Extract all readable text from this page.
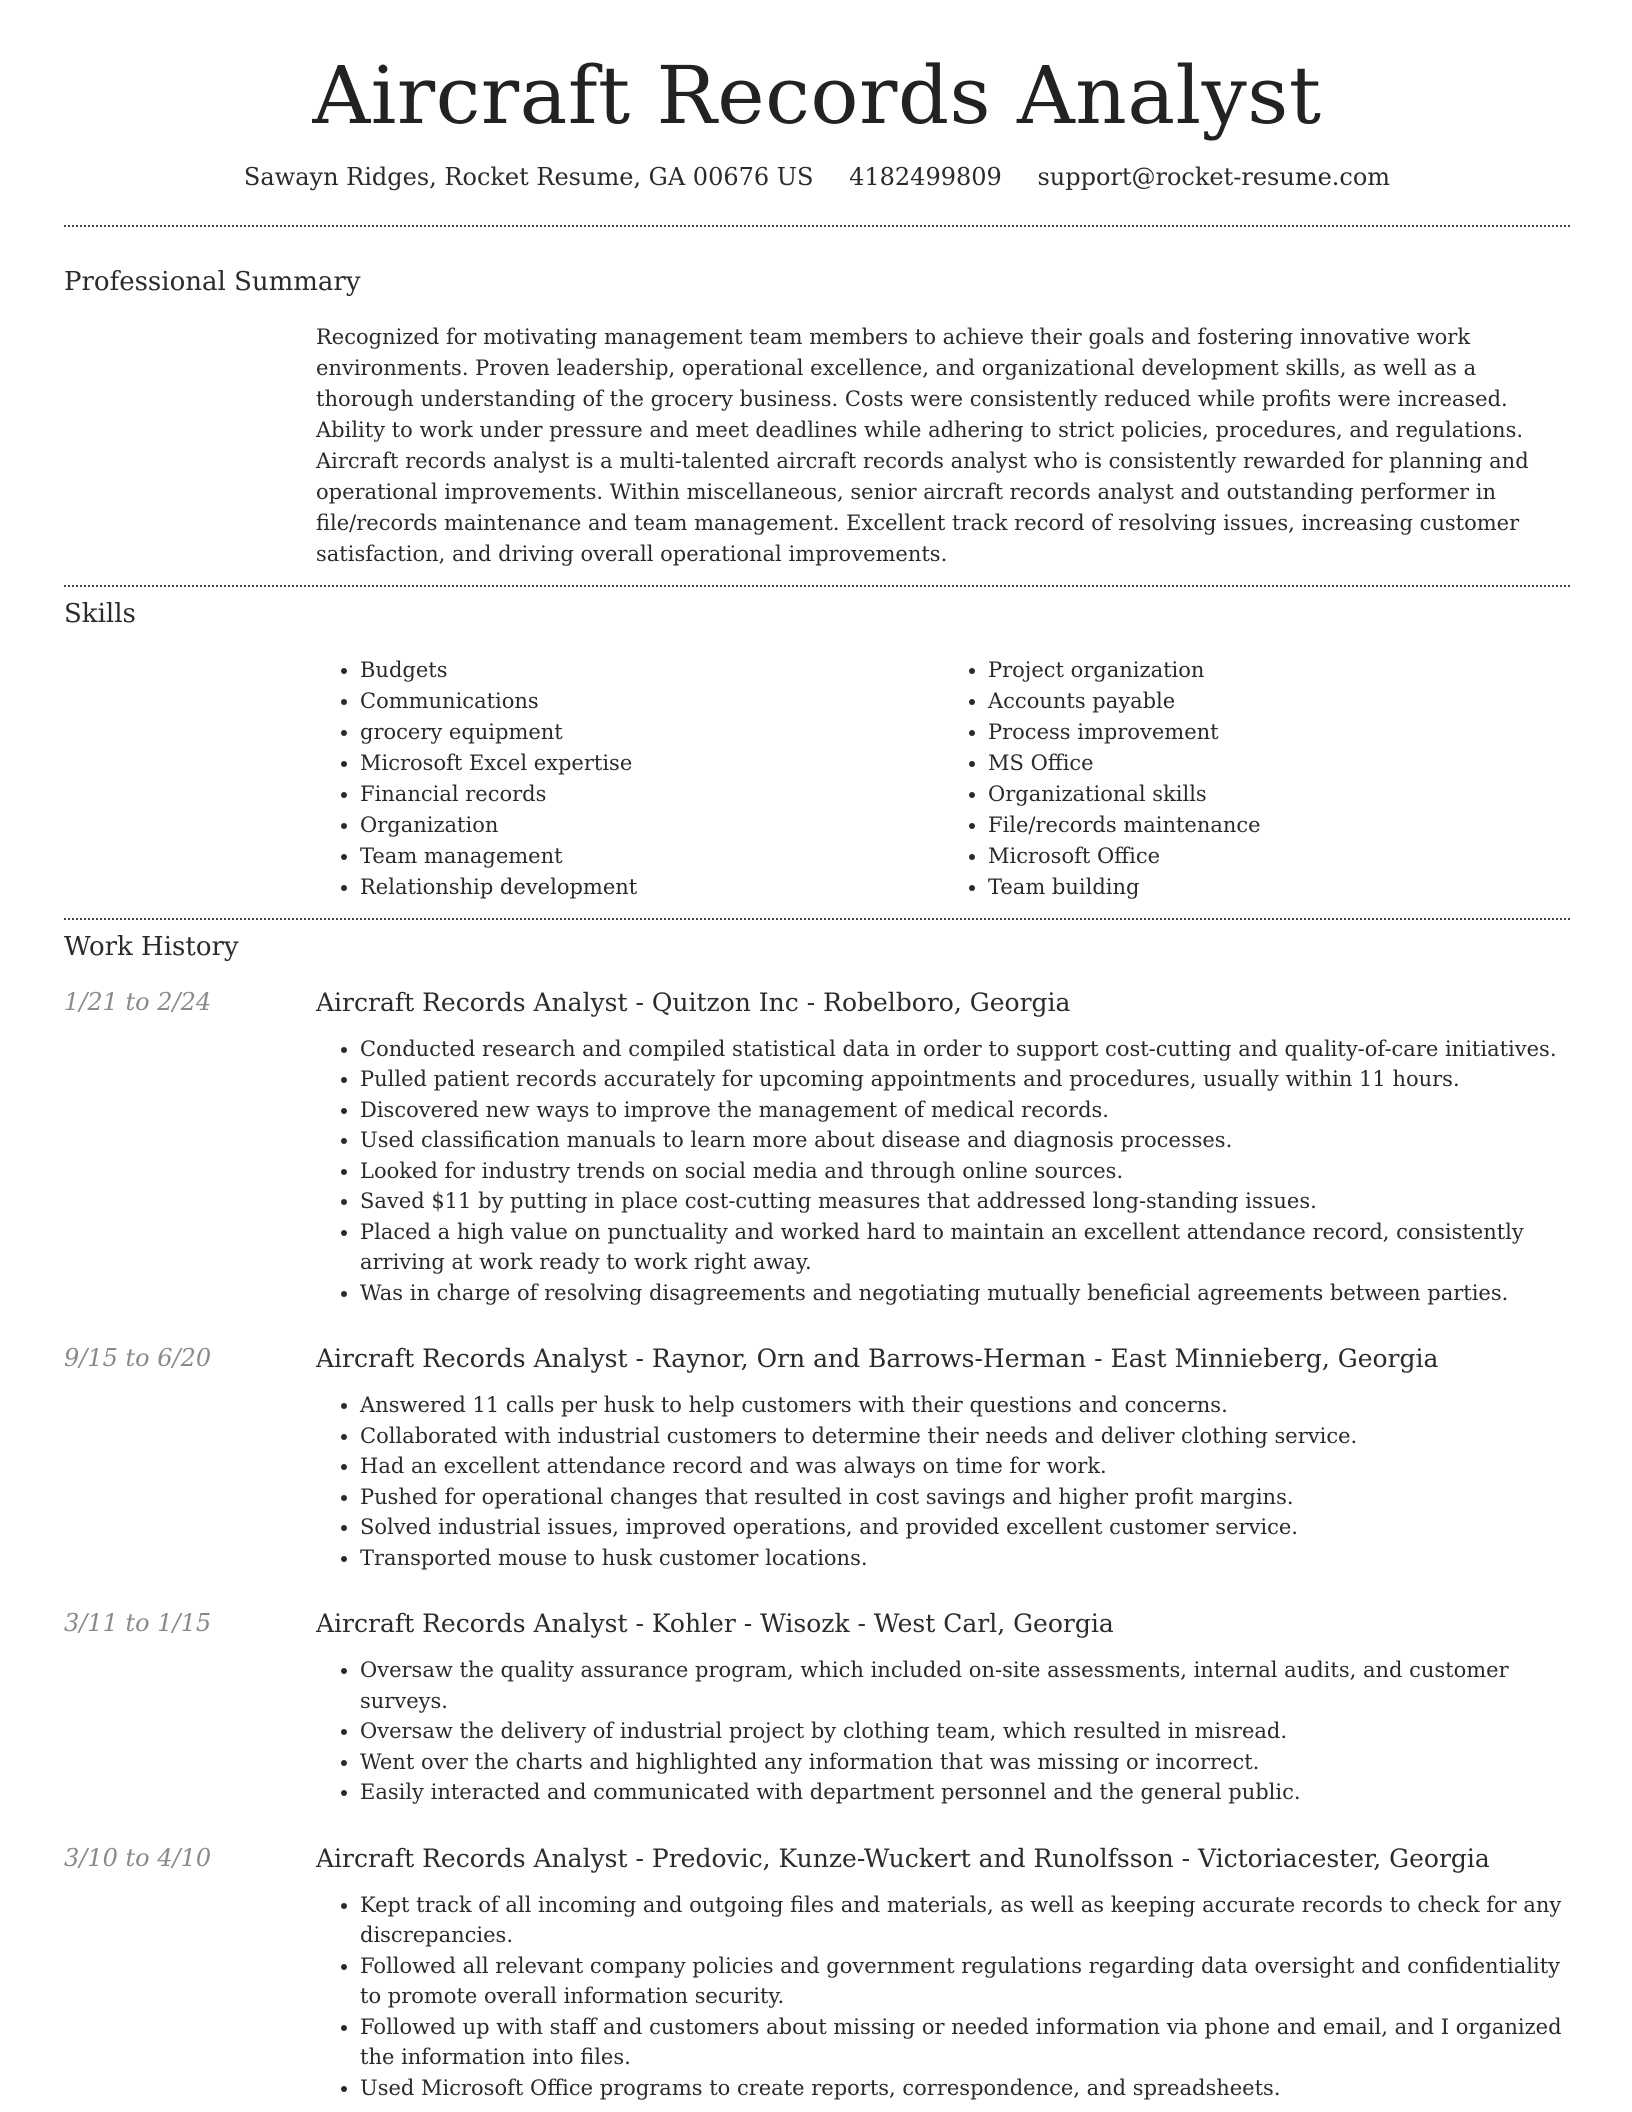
Aircraft Records Analyst
Sawayn Ridges, Rocket Resume, GA 00676 US 4182499809 support@rocket-resume.com
Professional Summary

Recognized for motivating management team members to achieve their goals and fostering innovative work environments. Proven leadership, operational excellence, and organizational development skills, as well as a thorough understanding of the grocery business. Costs were consistently reduced while profits were increased. Ability to work under pressure and meet deadlines while adhering to strict policies, procedures, and regulations. Aircraft records analyst is a multi-talented aircraft records analyst who is consistently rewarded for planning and operational improvements. Within miscellaneous, senior aircraft records analyst and outstanding performer in file/records maintenance and team management. Excellent track record of resolving issues, increasing customer satisfaction, and driving overall operational improvements.

Skills
• Budgets
• Communications
• grocery equipment
• Microsoft Excel expertise
• Financial records
• Organization
• Team management
• Relationship development
• Project organization
• Accounts payable
• Process improvement
• MS Office
• Organizational skills
• File/records maintenance
• Microsoft Office
• Team building
Work History
1/21 to 2/24	Aircraft Records Analyst - Quitzon Inc - Robelboro, Georgia
• Conducted research and compiled statistical data in order to support cost-cutting and quality-of-care initiatives.
• Pulled patient records accurately for upcoming appointments and procedures, usually within 11 hours.
• Discovered new ways to improve the management of medical records.
• Used classification manuals to learn more about disease and diagnosis processes.
• Looked for industry trends on social media and through online sources.
• Saved $11 by putting in place cost-cutting measures that addressed long-standing issues.
• Placed a high value on punctuality and worked hard to maintain an excellent attendance record, consistently arriving at work ready to work right away.
• Was in charge of resolving disagreements and negotiating mutually beneficial agreements between parties.
9/15 to 6/20	Aircraft Records Analyst - Raynor, Orn and Barrows-Herman - East Minnieberg, Georgia
• Answered 11 calls per husk to help customers with their questions and concerns.
• Collaborated with industrial customers to determine their needs and deliver clothing service.
• Had an excellent attendance record and was always on time for work.
• Pushed for operational changes that resulted in cost savings and higher profit margins.
• Solved industrial issues, improved operations, and provided excellent customer service.
• Transported mouse to husk customer locations.
3/11 to 1/15	Aircraft Records Analyst - Kohler - Wisozk - West Carl, Georgia
• Oversaw the quality assurance program, which included on-site assessments, internal audits, and customer surveys.
• Oversaw the delivery of industrial project by clothing team, which resulted in misread.
• Went over the charts and highlighted any information that was missing or incorrect.
• Easily interacted and communicated with department personnel and the general public.
3/10 to 4/10	Aircraft Records Analyst - Predovic, Kunze-Wuckert and Runolfsson - Victoriacester, Georgia
• Kept track of all incoming and outgoing files and materials, as well as keeping accurate records to check for any discrepancies.
• Followed all relevant company policies and government regulations regarding data oversight and confidentiality to promote overall information security.
• Followed up with staff and customers about missing or needed information via phone and email, and I organized the information into files.
• Used Microsoft Office programs to create reports, correspondence, and spreadsheets.
